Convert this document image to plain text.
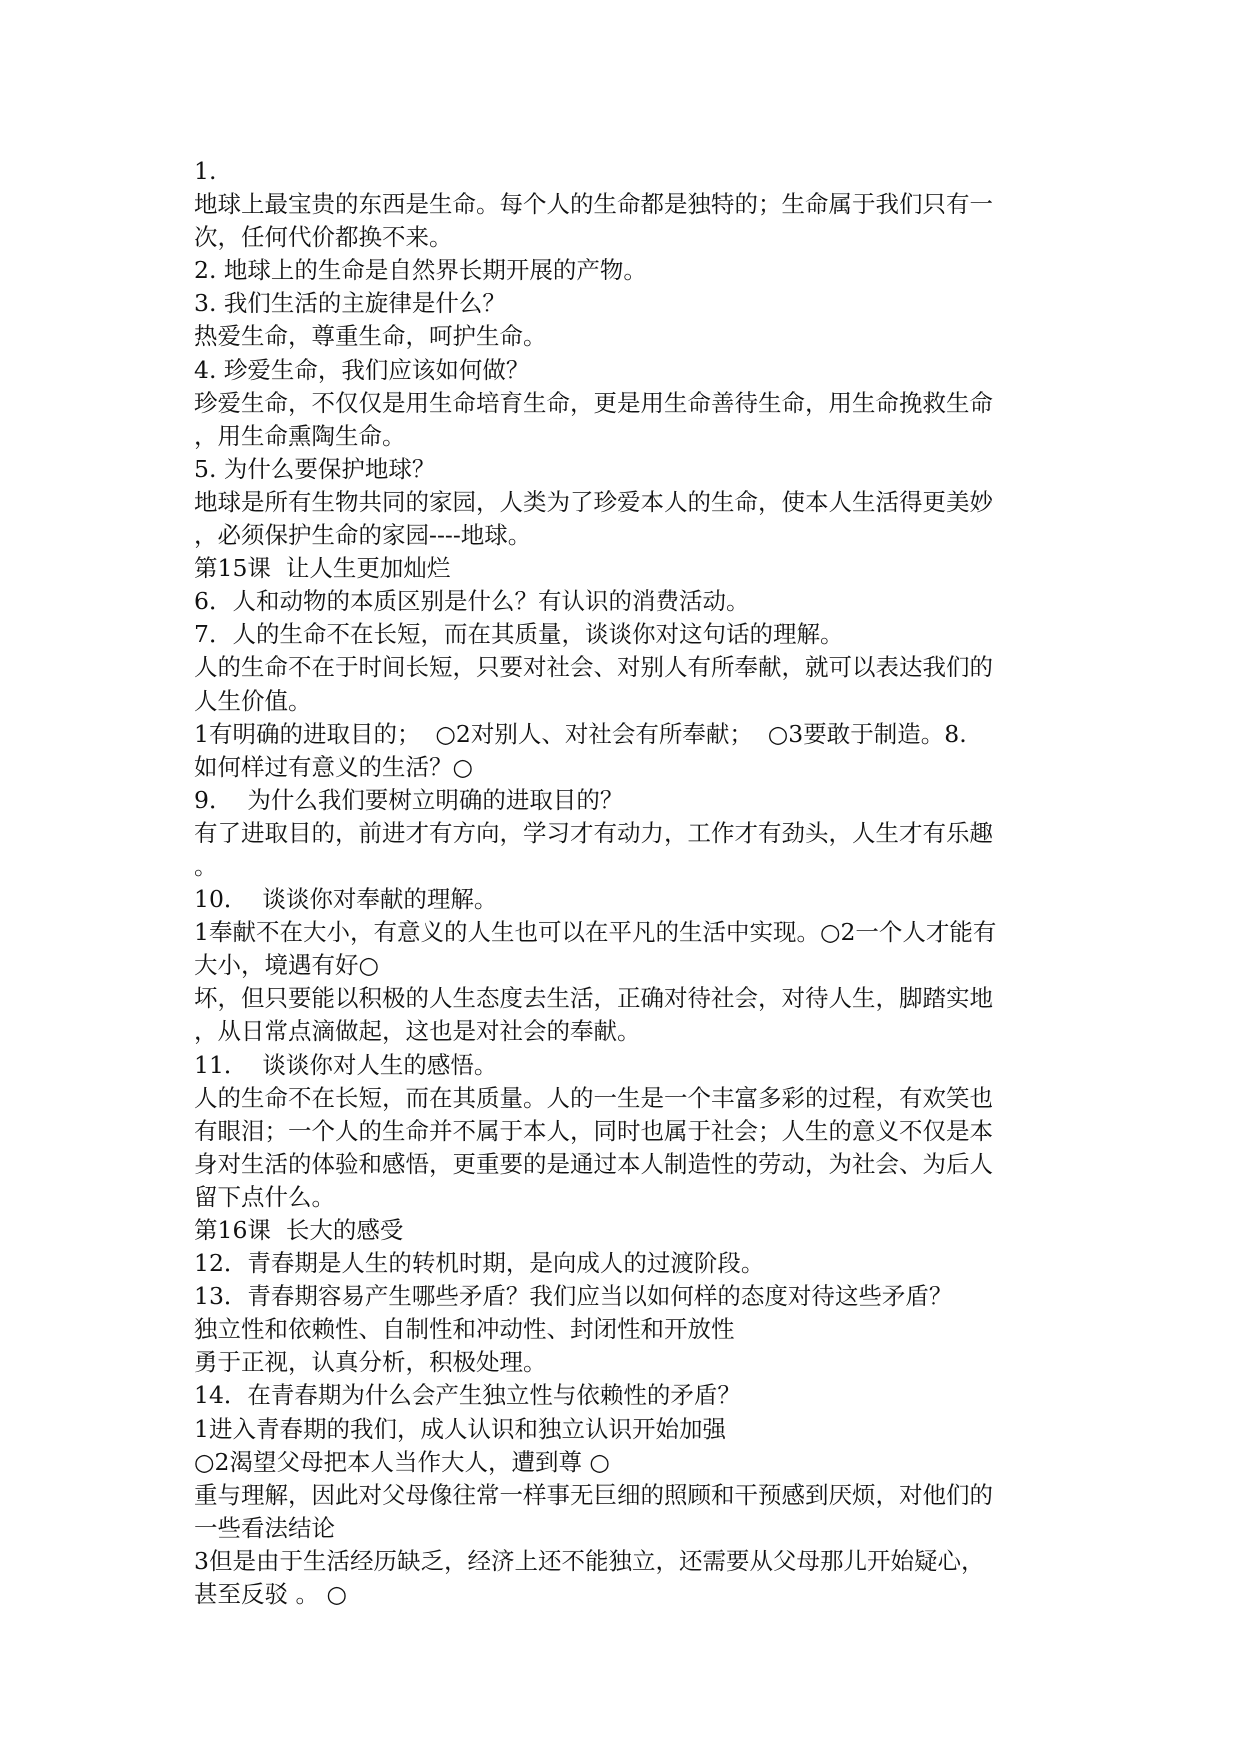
1.
地球上最宝贵的东西是生命。每个人的生命都是独特的；生命属于我们只有一
次，任何代价都换不来。
2. 地球上的生命是自然界长期开展的产物。
3. 我们生活的主旋律是什么？
热爱生命，尊重生命，呵护生命。
4. 珍爱生命，我们应该如何做？
珍爱生命，不仅仅是用生命培育生命，更是用生命善待生命，用生命挽救生命
，用生命熏陶生命。
5. 为什么要保护地球？
地球是所有生物共同的家园，人类为了珍爱本人的生命，使本人生活得更美妙
，必须保护生命的家园----地球。
第15课  让人生更加灿烂
6．人和动物的本质区别是什么？有认识的消费活动。
7．人的生命不在长短，而在其质量，谈谈你对这句话的理解。
人的生命不在于时间长短，只要对社会、对别人有所奉献，就可以表达我们的
人生价值。
1有明确的进取目的；  ○2对别人、对社会有所奉献；  ○3要敢于制造。8.
如何样过有意义的生活？○
9．  为什么我们要树立明确的进取目的？
有了进取目的，前进才有方向，学习才有动力，工作才有劲头，人生才有乐趣
。
10．  谈谈你对奉献的理解。
1奉献不在大小，有意义的人生也可以在平凡的生活中实现。○2一个人才能有
大小，境遇有好○
坏，但只要能以积极的人生态度去生活，正确对待社会，对待人生，脚踏实地
，从日常点滴做起，这也是对社会的奉献。
11．  谈谈你对人生的感悟。
人的生命不在长短，而在其质量。人的一生是一个丰富多彩的过程，有欢笑也
有眼泪；一个人的生命并不属于本人，同时也属于社会；人生的意义不仅是本
身对生活的体验和感悟，更重要的是通过本人制造性的劳动，为社会、为后人
留下点什么。
第16课  长大的感受
12．青春期是人生的转机时期，是向成人的过渡阶段。
13．青春期容易产生哪些矛盾？我们应当以如何样的态度对待这些矛盾？
独立性和依赖性、自制性和冲动性、封闭性和开放性
勇于正视，认真分析，积极处理。
14．在青春期为什么会产生独立性与依赖性的矛盾？
1进入青春期的我们，成人认识和独立认识开始加强
○2渴望父母把本人当作大人，遭到尊 ○
重与理解，因此对父母像往常一样事无巨细的照顾和干预感到厌烦，对他们的
一些看法结论
3但是由于生活经历缺乏，经济上还不能独立，还需要从父母那儿开始疑心，
甚至反驳 。 ○
